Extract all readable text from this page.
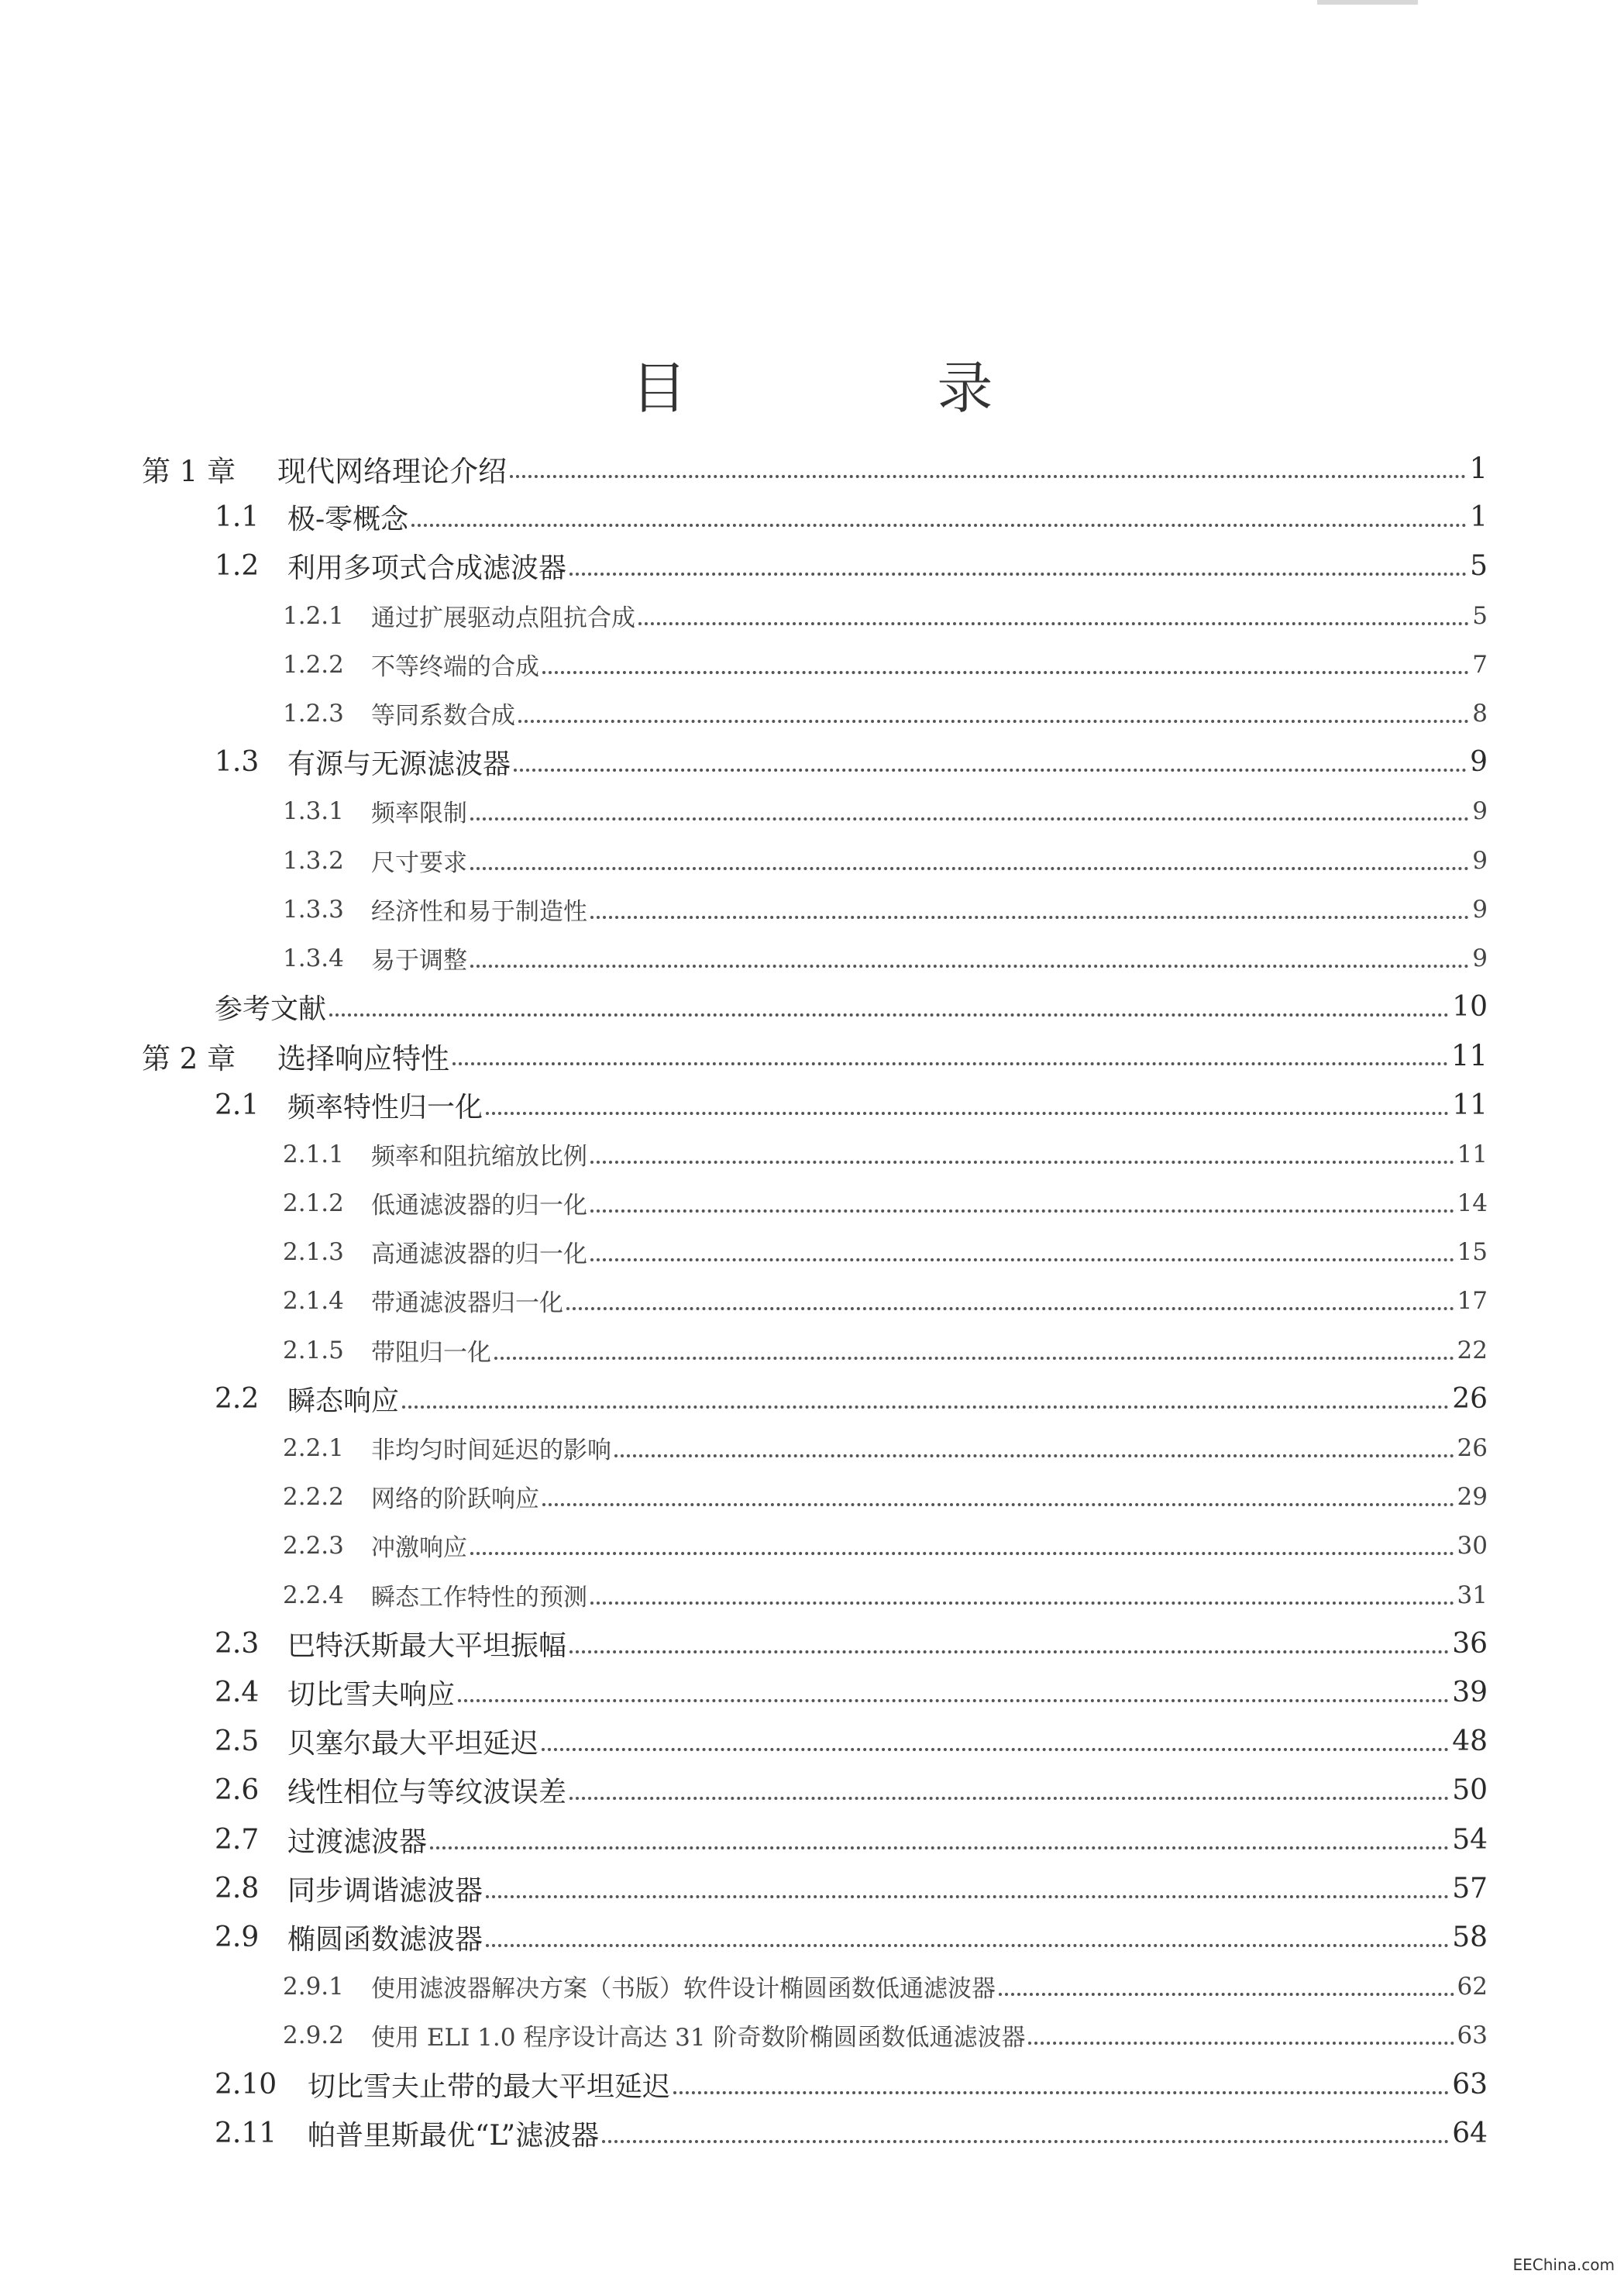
目 录
第 1 章	现代网络理论介绍	1
1.1	极-零概念	1
1.2	利用多项式合成滤波器	5
1.2.1	通过扩展驱动点阻抗合成	5
1.2.2	不等终端的合成	7
1.2.3	等同系数合成	8
1.3	有源与无源滤波器	9
1.3.1	频率限制	9
1.3.2	尺寸要求	9
1.3.3	经济性和易于制造性	9
1.3.4	易于调整	9
参考文献	10
第 2 章	选择响应特性	11
2.1	频率特性归一化	11
2.1.1	频率和阻抗缩放比例	11
2.1.2	低通滤波器的归一化	14
2.1.3	高通滤波器的归一化	15
2.1.4	带通滤波器归一化	17
2.1.5	带阻归一化	22
2.2	瞬态响应	26
2.2.1	非均匀时间延迟的影响	26
2.2.2	网络的阶跃响应	29
2.2.3	冲激响应	30
2.2.4	瞬态工作特性的预测	31
2.3	巴特沃斯最大平坦振幅	36
2.4	切比雪夫响应	39
2.5	贝塞尔最大平坦延迟	48
2.6	线性相位与等纹波误差	50
2.7	过渡滤波器	54
2.8	同步调谐滤波器	57
2.9	椭圆函数滤波器	58
2.9.1	使用滤波器解决方案（书版）软件设计椭圆函数低通滤波器	62
2.9.2	使用 ELI 1.0 程序设计高达 31 阶奇数阶椭圆函数低通滤波器	63
2.10	切比雪夫止带的最大平坦延迟	63
2.11	帕普里斯最优“L”滤波器	64
EEChina.com
